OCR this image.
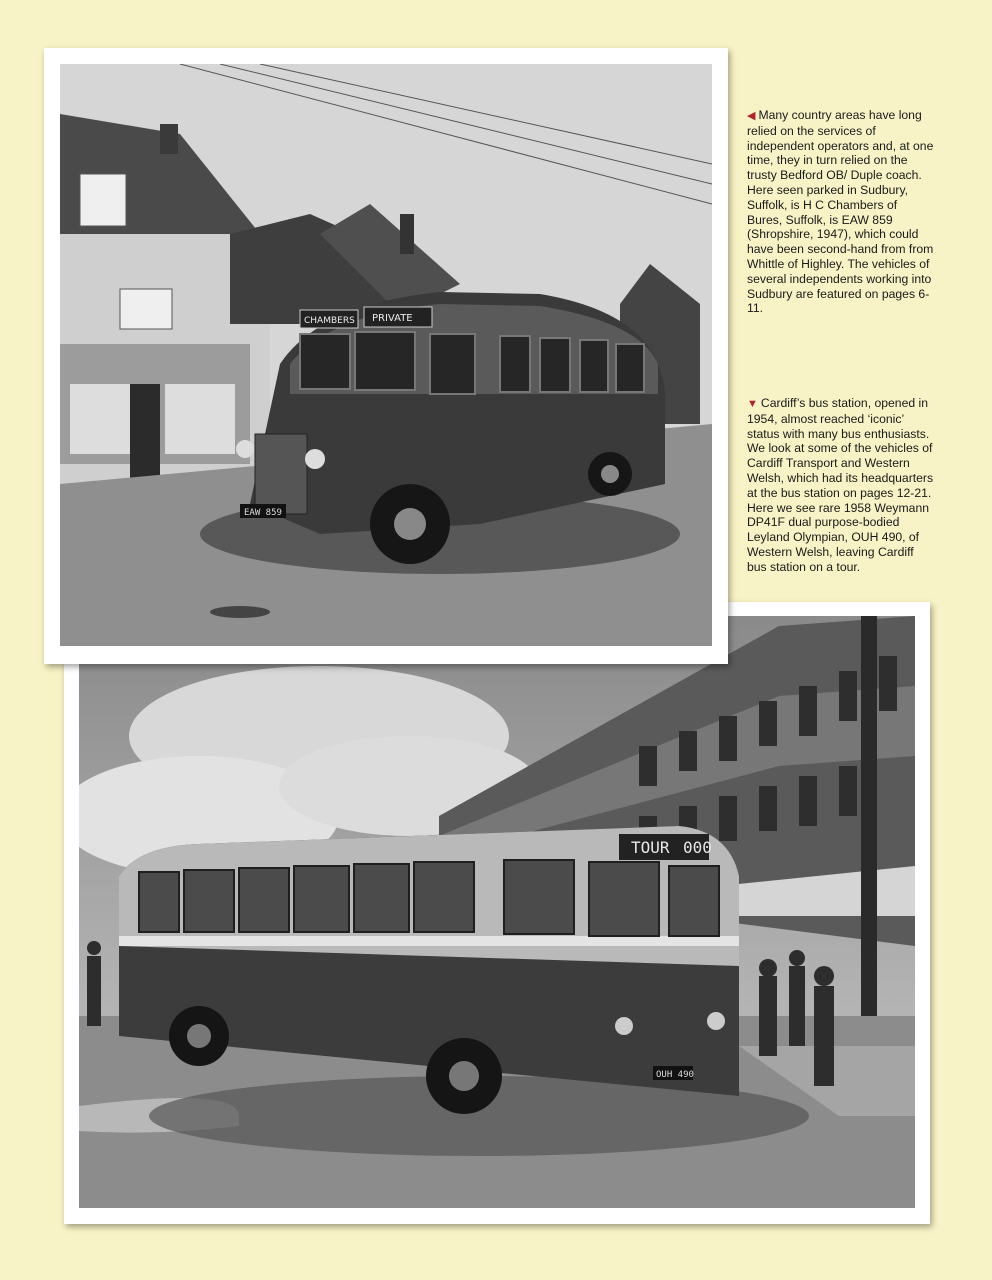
TOUR 000
OUH 490
CHAMBERS PRIVATE
EAW 859
◀ Many country areas have long relied on the services of independent operators and, at one time, they in turn relied on the trusty Bedford OB/ Duple coach. Here seen parked in Sudbury, Suffolk, is H C Chambers of Bures, Suffolk, is EAW 859 (Shropshire, 1947), which could have been second-hand from from Whittle of Highley. The vehicles of several independents working into Sudbury are featured on pages 6-11.
▼ Cardiff’s bus station, opened in 1954, almost reached ‘iconic’ status with many bus enthusiasts. We look at some of the vehicles of Cardiff Transport and Western Welsh, which had its headquarters at the bus station on pages 12-21. Here we see rare 1958 Weymann DP41F dual purpose-bodied Leyland Olympian, OUH 490, of Western Welsh, leaving Cardiff bus station on a tour.
